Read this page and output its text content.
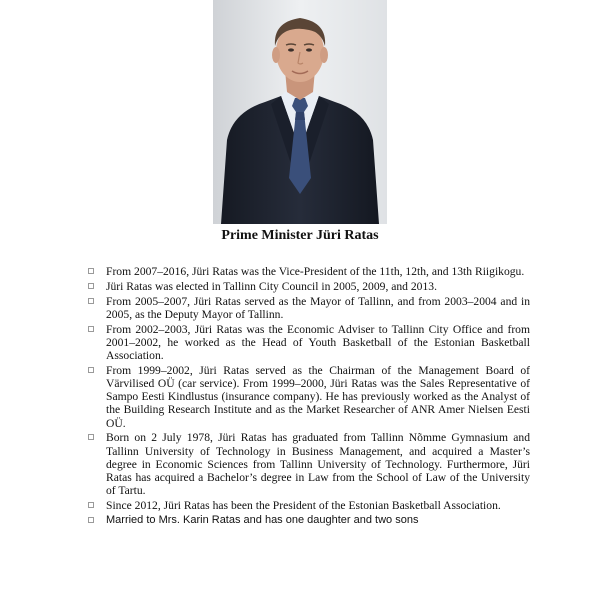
Prime Minister Jüri Ratas
From 2007–2016, Jüri Ratas was the Vice-President of the 11th, 12th, and 13th Riigikogu.
Jüri Ratas was elected in Tallinn City Council in 2005, 2009, and 2013.
From 2005–2007, Jüri Ratas served as the Mayor of Tallinn, and from 2003–2004 and in 2005, as the Deputy Mayor of Tallinn.
From 2002–2003, Jüri Ratas was the Economic Adviser to Tallinn City Office and from 2001–2002, he worked as the Head of Youth Basketball of the Estonian Basketball Association.
From 1999–2002, Jüri Ratas served as the Chairman of the Management Board of Värvilised OÜ (car service). From 1999–2000, Jüri Ratas was the Sales Representative of Sampo Eesti Kindlustus (insurance company). He has previously worked as the Analyst of the Building Research Institute and as the Market Researcher of ANR Amer Nielsen Eesti OÜ.
Born on 2 July 1978, Jüri Ratas has graduated from Tallinn Nõmme Gymnasium and Tallinn University of Technology in Business Management, and acquired a Master’s degree in Economic Sciences from Tallinn University of Technology. Furthermore, Jüri Ratas has acquired a Bachelor’s degree in Law from the School of Law of the University of Tartu.
Since 2012, Jüri Ratas has been the President of the Estonian Basketball Association.
Married to Mrs. Karin Ratas and has one daughter and two sons
